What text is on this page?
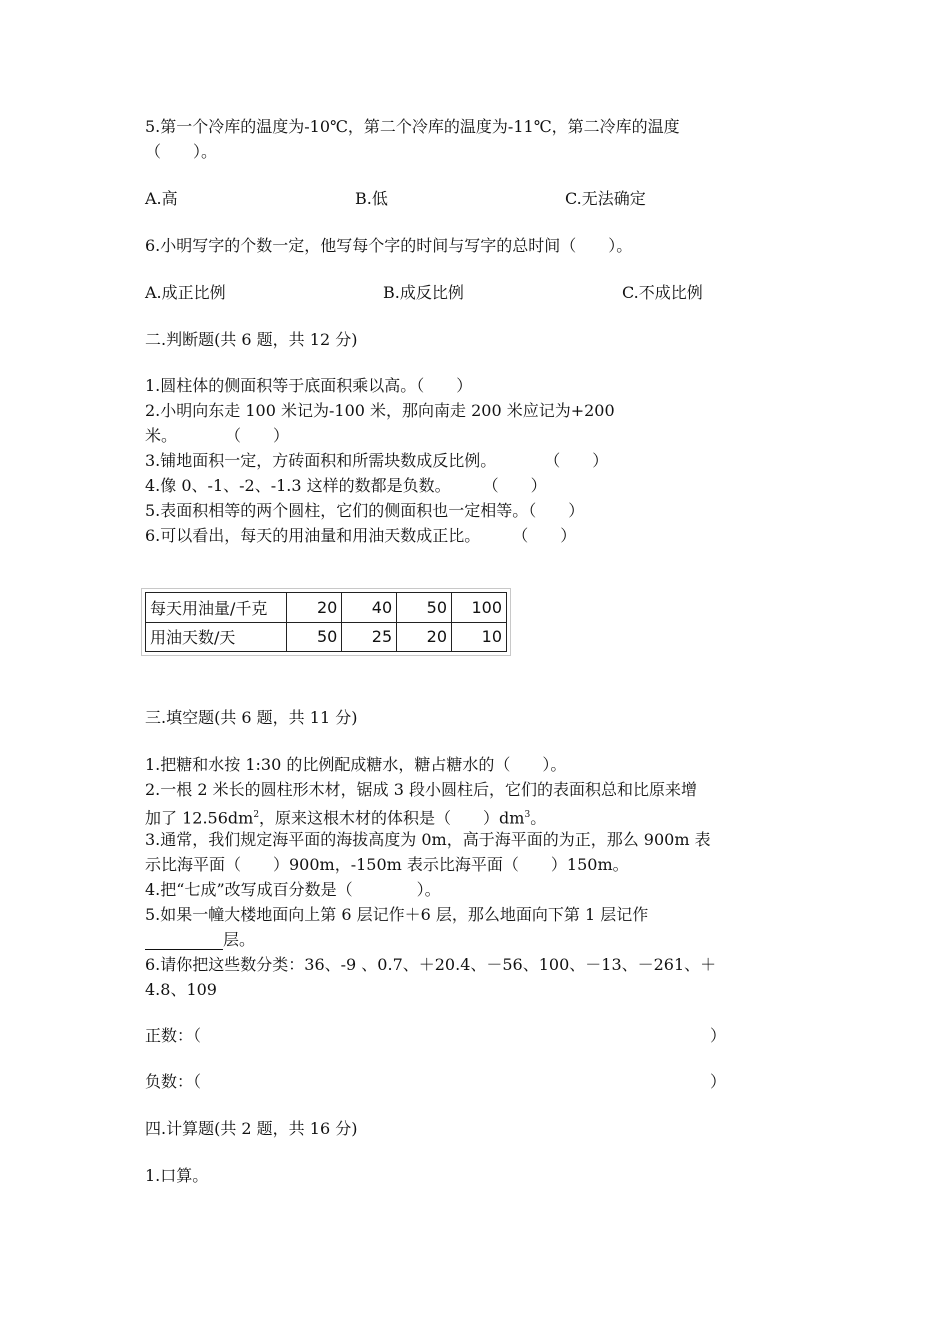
5.第一个冷库的温度为-10℃，第二个冷库的温度为-11℃，第二冷库的温度
（　　）。
A.高	B.低	C.无法确定
6.小明写字的个数一定，他写每个字的时间与写字的总时间（　　）。
A.成正比例	B.成反比例	C.不成比例
二.判断题(共 6 题，共 12 分)
1.圆柱体的侧面积等于底面积乘以高。（　　）
2.小明向东走 100 米记为-100 米，那向南走 200 米应记为+200
米。　　　　（　　）
3.铺地面积一定，方砖面积和所需块数成反比例。　　　　（　　）
4.像 0、-1、-2、-1.3 这样的数都是负数。　　　（　　）
5.表面积相等的两个圆柱，它们的侧面积也一定相等。（　　）
6.可以看出，每天的用油量和用油天数成正比。　　　（　　）
每天用油量/千克	20	40	50	100
用油天数/天	50	25	20	10
三.填空题(共 6 题，共 11 分)
1.把糖和水按 1:30 的比例配成糖水，糖占糖水的（　　）。
2.一根 2 米长的圆柱形木材，锯成 3 段小圆柱后，它们的表面积总和比原来增
加了 $12.56dm^2$，原来这根木材的体积是（　　）$dm^3$。
3.通常，我们规定海平面的海拔高度为 0m，高于海平面的为正，那么 900m 表
示比海平面（　　）900m，-150m 表示比海平面（　　）150m。
4.把“七成”改写成百分数是（　　　　）。
5.如果一幢大楼地面向上第 6 层记作＋6 层，那么地面向下第 1 层记作
层。
6.请你把这些数分类：36、-9 、0.7、＋20.4、－56、100、－13、－261、＋
4.8、109
正数：（	）
负数：（	）
四.计算题(共 2 题，共 16 分)
1.口算。
